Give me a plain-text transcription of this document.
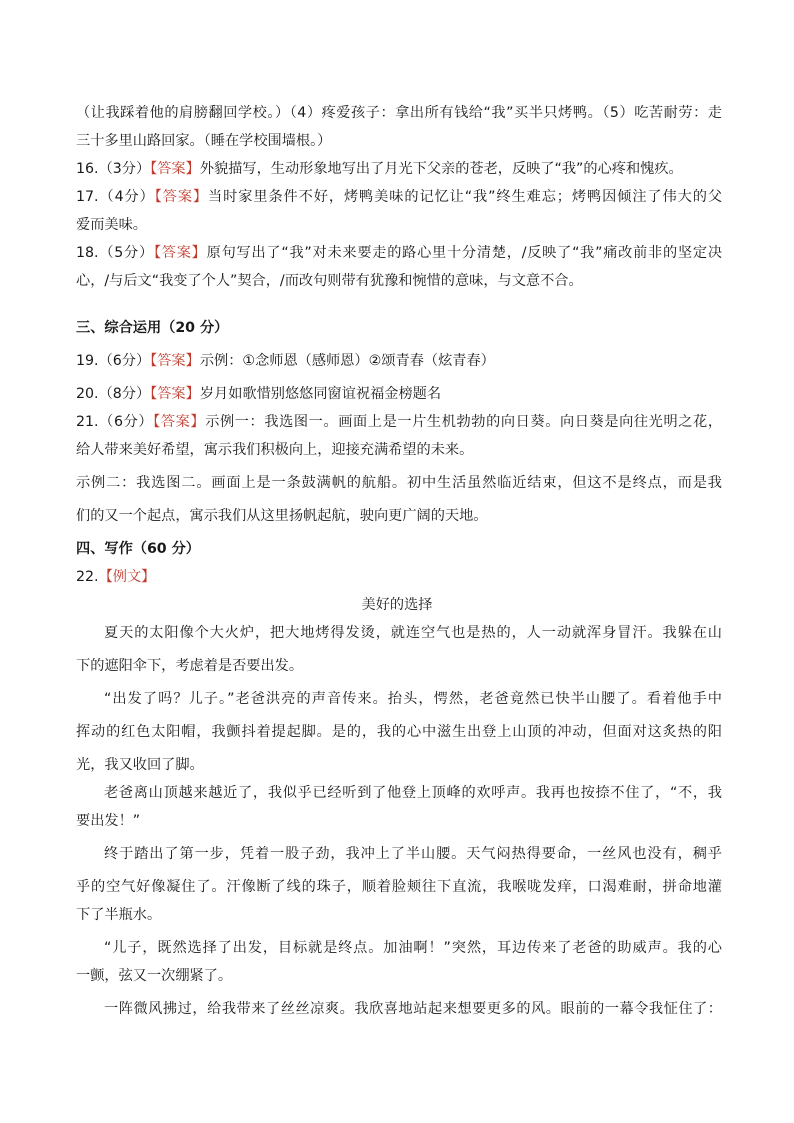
（让我踩着他的肩膀翻回学校。）（4）疼爱孩子：拿出所有钱给“我”买半只烤鸭。（5）吃苦耐劳：走
三十多里山路回家。（睡在学校围墙根。）
16.（3分）【答案】外貌描写，生动形象地写出了月光下父亲的苍老，反映了“我”的心疼和愧疚。
17.（4分）【答案】当时家里条件不好，烤鸭美味的记忆让“我”终生难忘；烤鸭因倾注了伟大的父
爱而美味。
18.（5分）【答案】原句写出了“我”对未来要走的路心里十分清楚，/反映了“我”痛改前非的坚定决
心，/与后文“我变了个人”契合，/而改句则带有犹豫和惋惜的意味，与文意不合。
三、综合运用（20 分）
19.（6分）【答案】示例：①念师恩（感师恩）②颂青春（炫青春）
20.（8分）【答案】岁月如歌惜别悠悠同窗谊祝福金榜题名
21.（6分）【答案】示例一：我选图一。画面上是一片生机勃勃的向日葵。向日葵是向往光明之花，
给人带来美好希望，寓示我们积极向上，迎接充满希望的未来。
示例二：我选图二。画面上是一条鼓满帆的航船。初中生活虽然临近结束，但这不是终点，而是我
们的又一个起点，寓示我们从这里扬帆起航，驶向更广阔的天地。
四、写作（60 分）
22.【例文】
美好的选择
夏天的太阳像个大火炉，把大地烤得发烫，就连空气也是热的，人一动就浑身冒汗。我躲在山
下的遮阳伞下，考虑着是否要出发。
“出发了吗？儿子。”老爸洪亮的声音传来。抬头，愕然，老爸竟然已快半山腰了。看着他手中
挥动的红色太阳帽，我颤抖着提起脚。是的，我的心中滋生出登上山顶的冲动，但面对这炙热的阳
光，我又收回了脚。
老爸离山顶越来越近了，我似乎已经听到了他登上顶峰的欢呼声。我再也按捺不住了，“不，我
要出发！”
终于踏出了第一步，凭着一股子劲，我冲上了半山腰。天气闷热得要命，一丝风也没有，稠乎
乎的空气好像凝住了。汗像断了线的珠子，顺着脸颊往下直流，我喉咙发痒，口渴难耐，拼命地灌
下了半瓶水。
“儿子，既然选择了出发，目标就是终点。加油啊！”突然，耳边传来了老爸的助威声。我的心
一颤，弦又一次绷紧了。
一阵微风拂过，给我带来了丝丝凉爽。我欣喜地站起来想要更多的风。眼前的一幕令我怔住了：
